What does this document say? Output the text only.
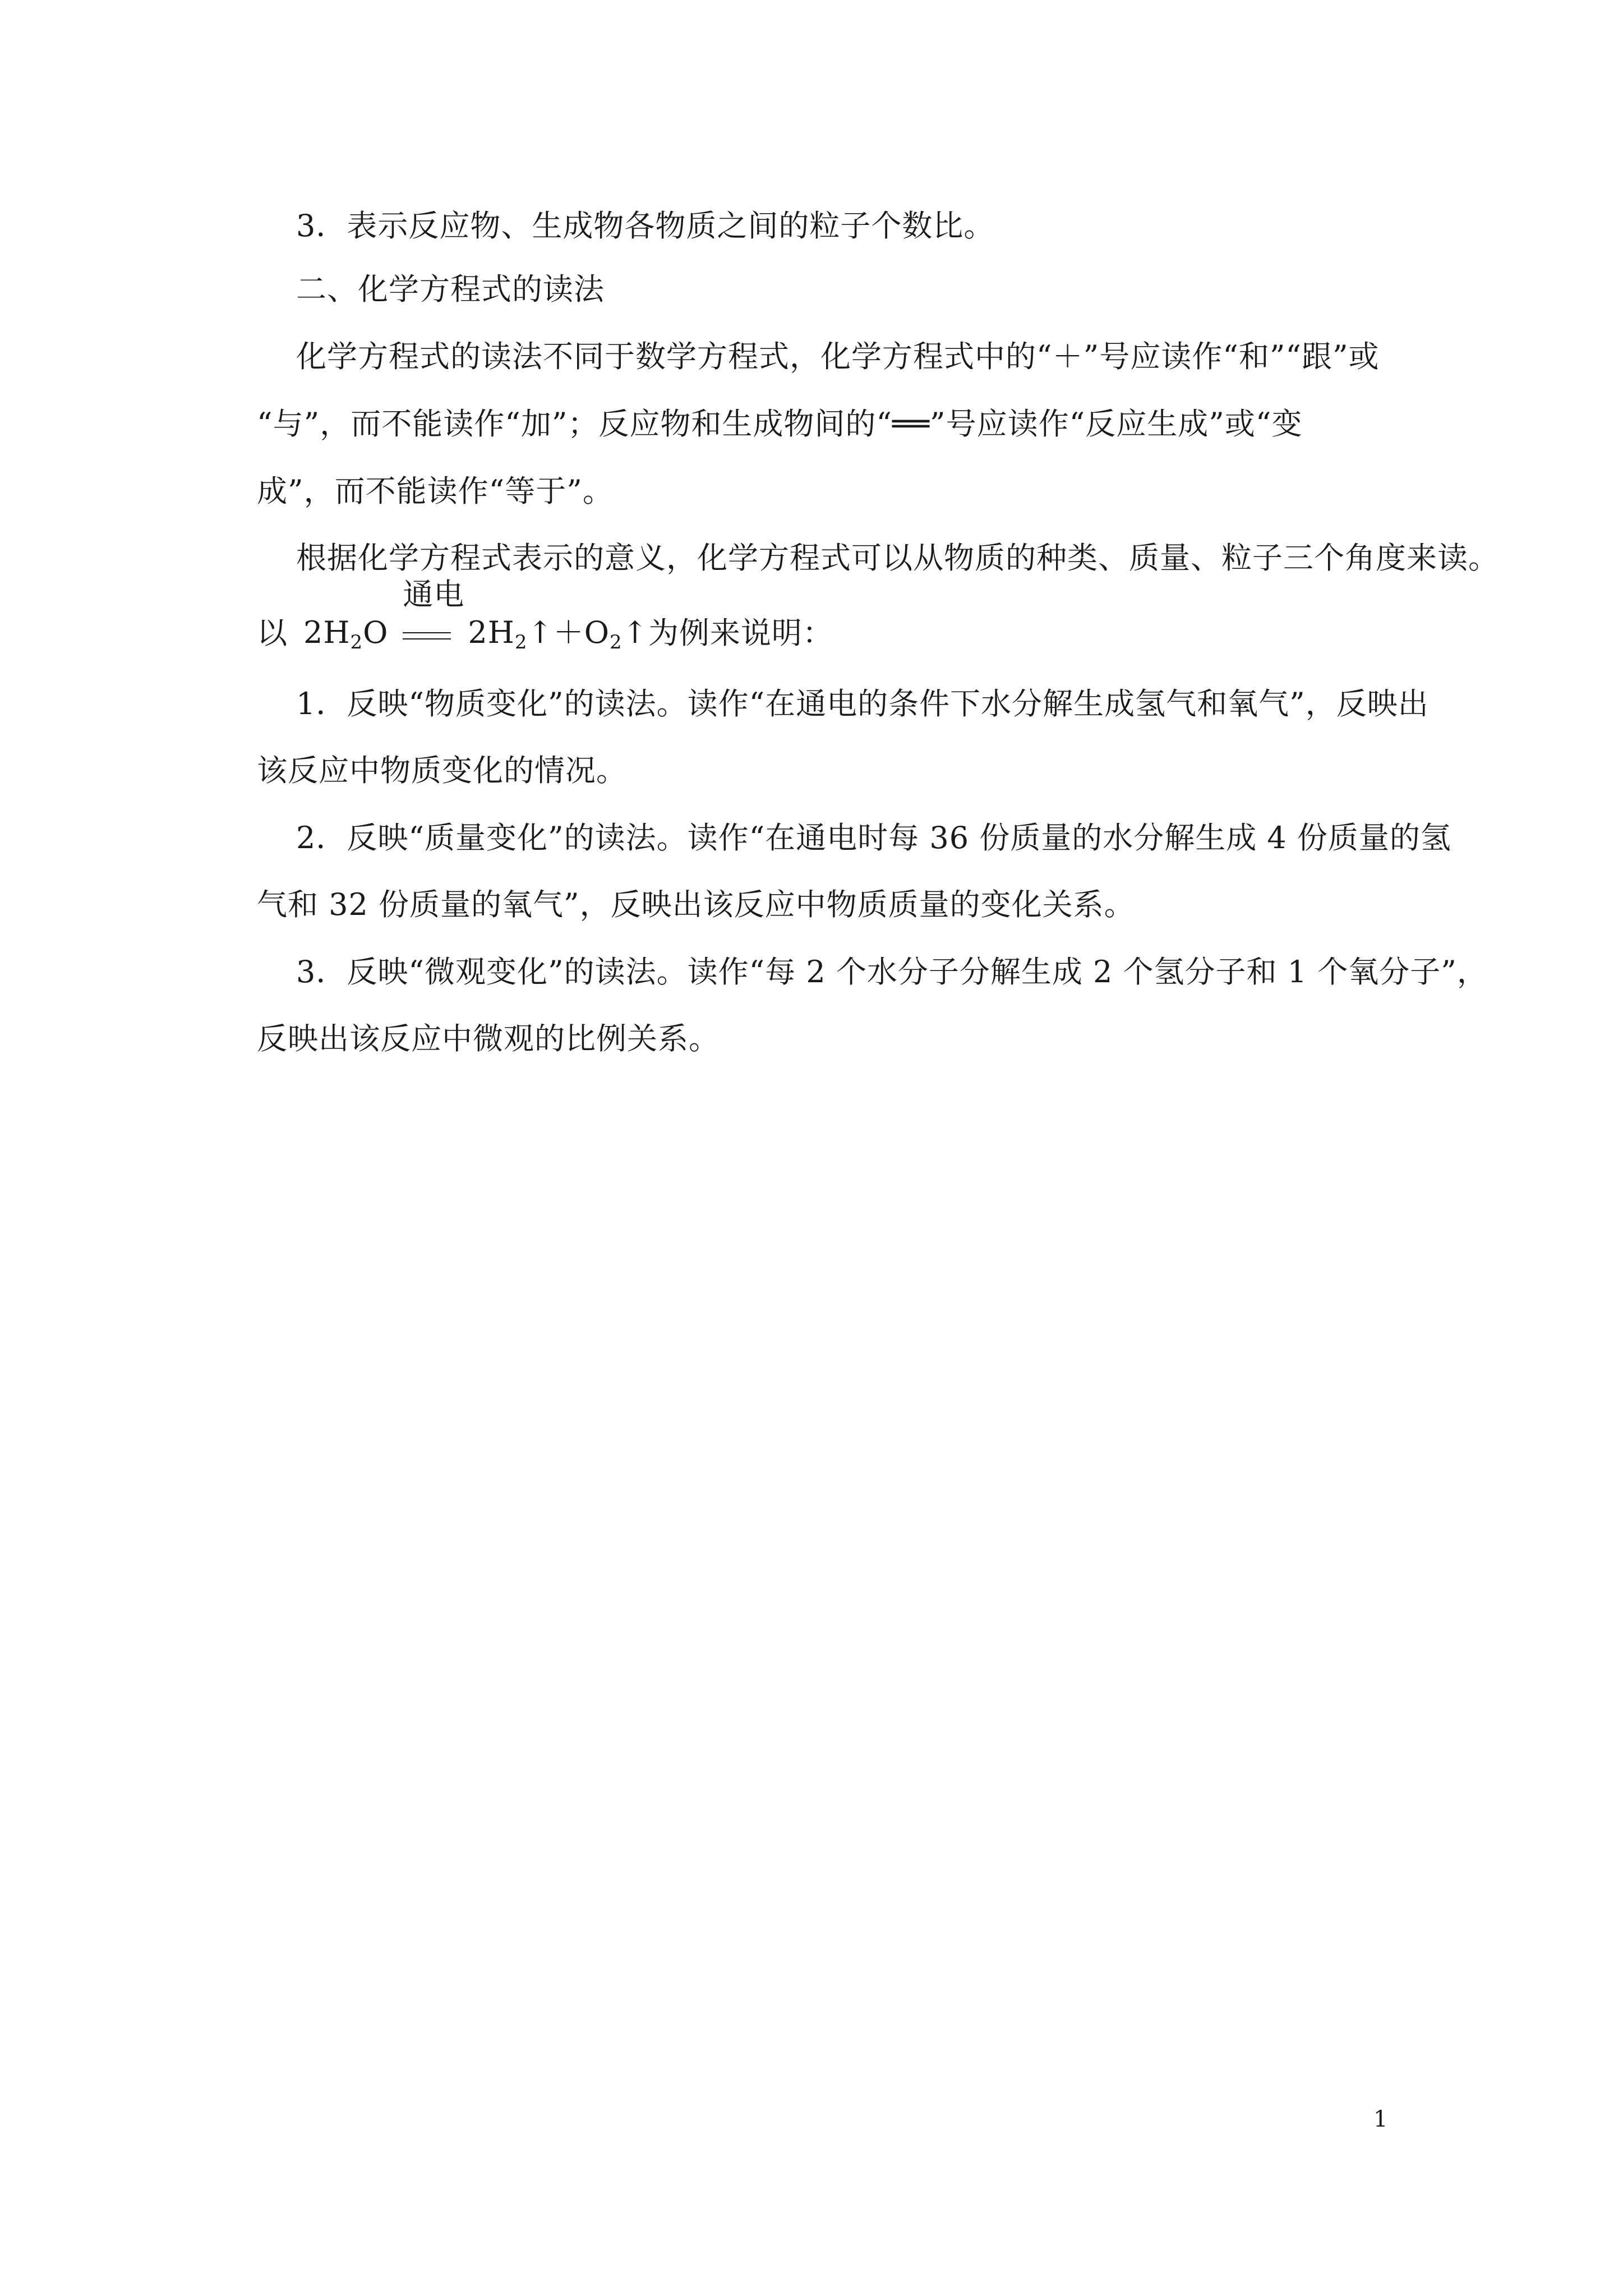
3．表示反应物、生成物各物质之间的粒子个数比。
二、化学方程式的读法
化学方程式的读法不同于数学方程式，化学方程式中的“＋”号应读作“和”“跟”或
“与”，而不能读作“加”；反应物和生成物间的“══”号应读作“反应生成”或“变
成”，而不能读作“等于”。
根据化学方程式表示的意义，化学方程式可以从物质的种类、质量、粒子三个角度来读。
以 $2H_2O$
通电
$2H_2↑$ $+O_2↑$ 为例来说明：
1．反映“物质变化”的读法。读作“在通电的条件下水分解生成氢气和氧气”，反映出
该反应中物质变化的情况。
2．反映“质量变化”的读法。读作“在通电时每 36 份质量的水分解生成 4 份质量的氢
气和 32 份质量的氧气”，反映出该反应中物质质量的变化关系。
3．反映“微观变化”的读法。读作“每 2 个水分子分解生成 2 个氢分子和 1 个氧分子”，
反映出该反应中微观的比例关系。
1
